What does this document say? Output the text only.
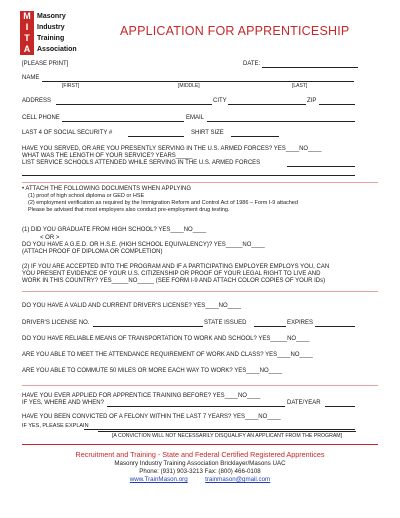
M
I
T
A
Masonry
Industry
Training
Association
APPLICATION FOR APPRENTICESHIP
[PLEASE PRINT]	DATE:
NAME
[FIRST]	[MIDDLE]	[LAST]
ADDRESS	CITY	ZIP
CELL PHONE	EMAIL
LAST 4 OF SOCIAL SECURITY #	SHIRT SIZE
HAVE YOU SERVED, OR ARE YOU PRESENTLY SERVING IN THE U.S. ARMED FORCES? YES____NO____
WHAT WAS THE LENGTH OF YOUR SERVICE? YEARS_____
LIST SERVICE SCHOOLS ATTENDED WHILE SERVING IN THE U.S. ARMED FORCES
• ATTACH THE FOLLOWING DOCUMENTS WHEN APPLYING
(1) proof of high school diploma or GED or HSE
(2) employment verification as required by the Immigration Reform and Control Act of 1986 – Form I-9 attached
Please be advised that most employers also conduct pre-employment drug testing.
(1) DID YOU GRADUATE FROM HIGH SCHOOL? YES____NO____
< OR >
DO YOU HAVE A G.E.D. OR H.S.E. (HIGH SCHOOL EQUIVALENCY)? YES_____NO____
(ATTACH PROOF OF DIPLOMA OR COMPLETION)
(2) IF YOU ARE ACCEPTED INTO THE PROGRAM AND IF A PARTICIPATING EMPLOYER EMPLOYS YOU, CAN
YOU PRESENT EVIDENCE OF YOUR U.S. CITIZENSHIP OR PROOF OF YOUR LEGAL RIGHT TO LIVE AND
WORK IN THIS COUNTRY? YES_____NO_____ (SEE FORM I-9 AND ATTACH COLOR COPIES OF YOUR IDs)
DO YOU HAVE A VALID AND CURRENT DRIVER'S LICENSE? YES____NO____
DRIVER'S LICENSE NO.	STATE ISSUED	EXPIRES
DO YOU HAVE RELIABLE MEANS OF TRANSPORTATION TO WORK AND SCHOOL? YES_____NO____
ARE YOU ABLE TO MEET THE ATTENDANCE REQUIREMENT OF WORK AND CLASS? YES____NO____
ARE YOU ABLE TO COMMUTE 50 MILES OR MORE EACH WAY TO WORK? YES____NO____
HAVE YOU EVER APPLIED FOR APPRENTICE TRAINING BEFORE? YES____NO____
IF YES, WHERE AND WHEN?	DATE/YEAR
HAVE YOU BEEN CONVICTED OF A FELONY WITHIN THE LAST 7 YEARS? YES____NO____
IF YES, PLEASE EXPLAIN
[A CONVICTION WILL NOT NECESSARILY DISQUALIFY AN APPLICANT FROM THE PROGRAM]
Recruitment and Training - State and Federal Certified Registered Apprentices
Masonry Industry Training Association Bricklayer/Masons UAC
Phone: (931) 903-3213 Fax: (800) 466-0108
www.TrainMason.org	trainmason@gmail.com
